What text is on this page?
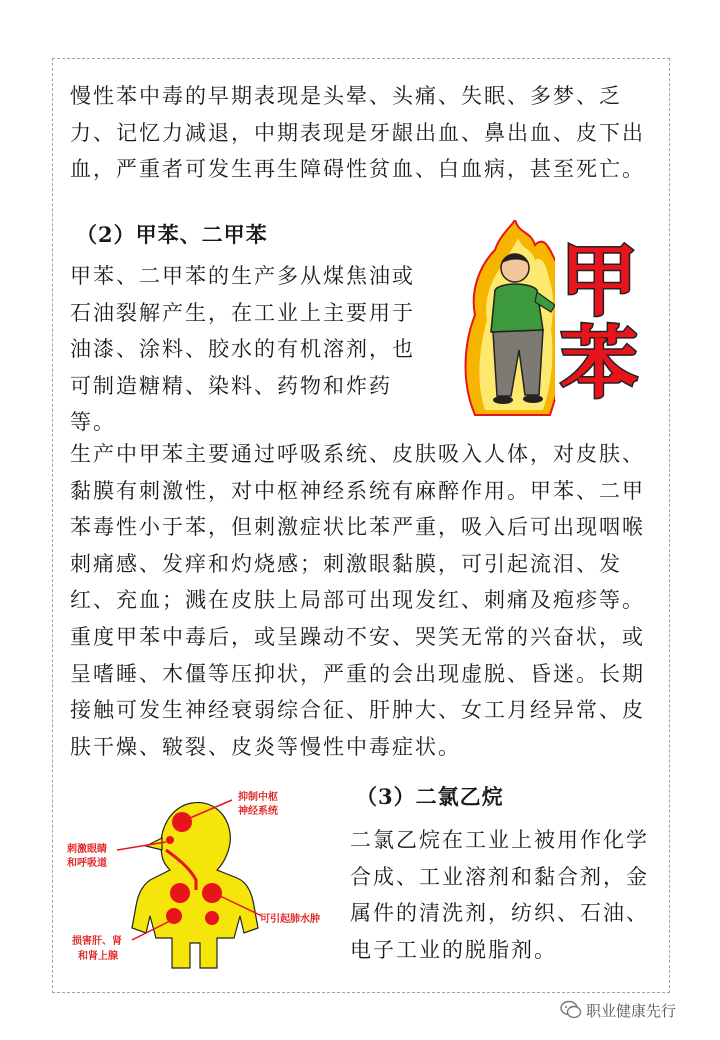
慢性苯中毒的早期表现是头晕、头痛、失眠、多梦、乏力、记忆力减退，中期表现是牙龈出血、鼻出血、皮下出血，严重者可发生再生障碍性贫血、白血病，甚至死亡。

（2）甲苯、二甲苯

甲苯、二甲苯的生产多从煤焦油或石油裂解产生，在工业上主要用于油漆、涂料、胶水的有机溶剂，也可制造糖精、染料、药物和炸药等。

甲
苯

生产中甲苯主要通过呼吸系统、皮肤吸入人体，对皮肤、黏膜有刺激性，对中枢神经系统有麻醉作用。甲苯、二甲苯毒性小于苯，但刺激症状比苯严重，吸入后可出现咽喉刺痛感、发痒和灼烧感；刺激眼黏膜，可引起流泪、发红、充血；溅在皮肤上局部可出现发红、刺痛及疱疹等。重度甲苯中毒后，或呈躁动不安、哭笑无常的兴奋状，或呈嗜睡、木僵等压抑状，严重的会出现虚脱、昏迷。长期接触可发生神经衰弱综合征、肝肿大、女工月经异常、皮肤干燥、皲裂、皮炎等慢性中毒症状。

抑制中枢
神经系统
刺激眼睛
和呼吸道
可引起肺水肿
损害肝、肾
和肾上腺
（3）二氯乙烷

二氯乙烷在工业上被用作化学合成、工业溶剂和黏合剂，金属件的清洗剂，纺织、石油、电子工业的脱脂剂。

职业健康先行
